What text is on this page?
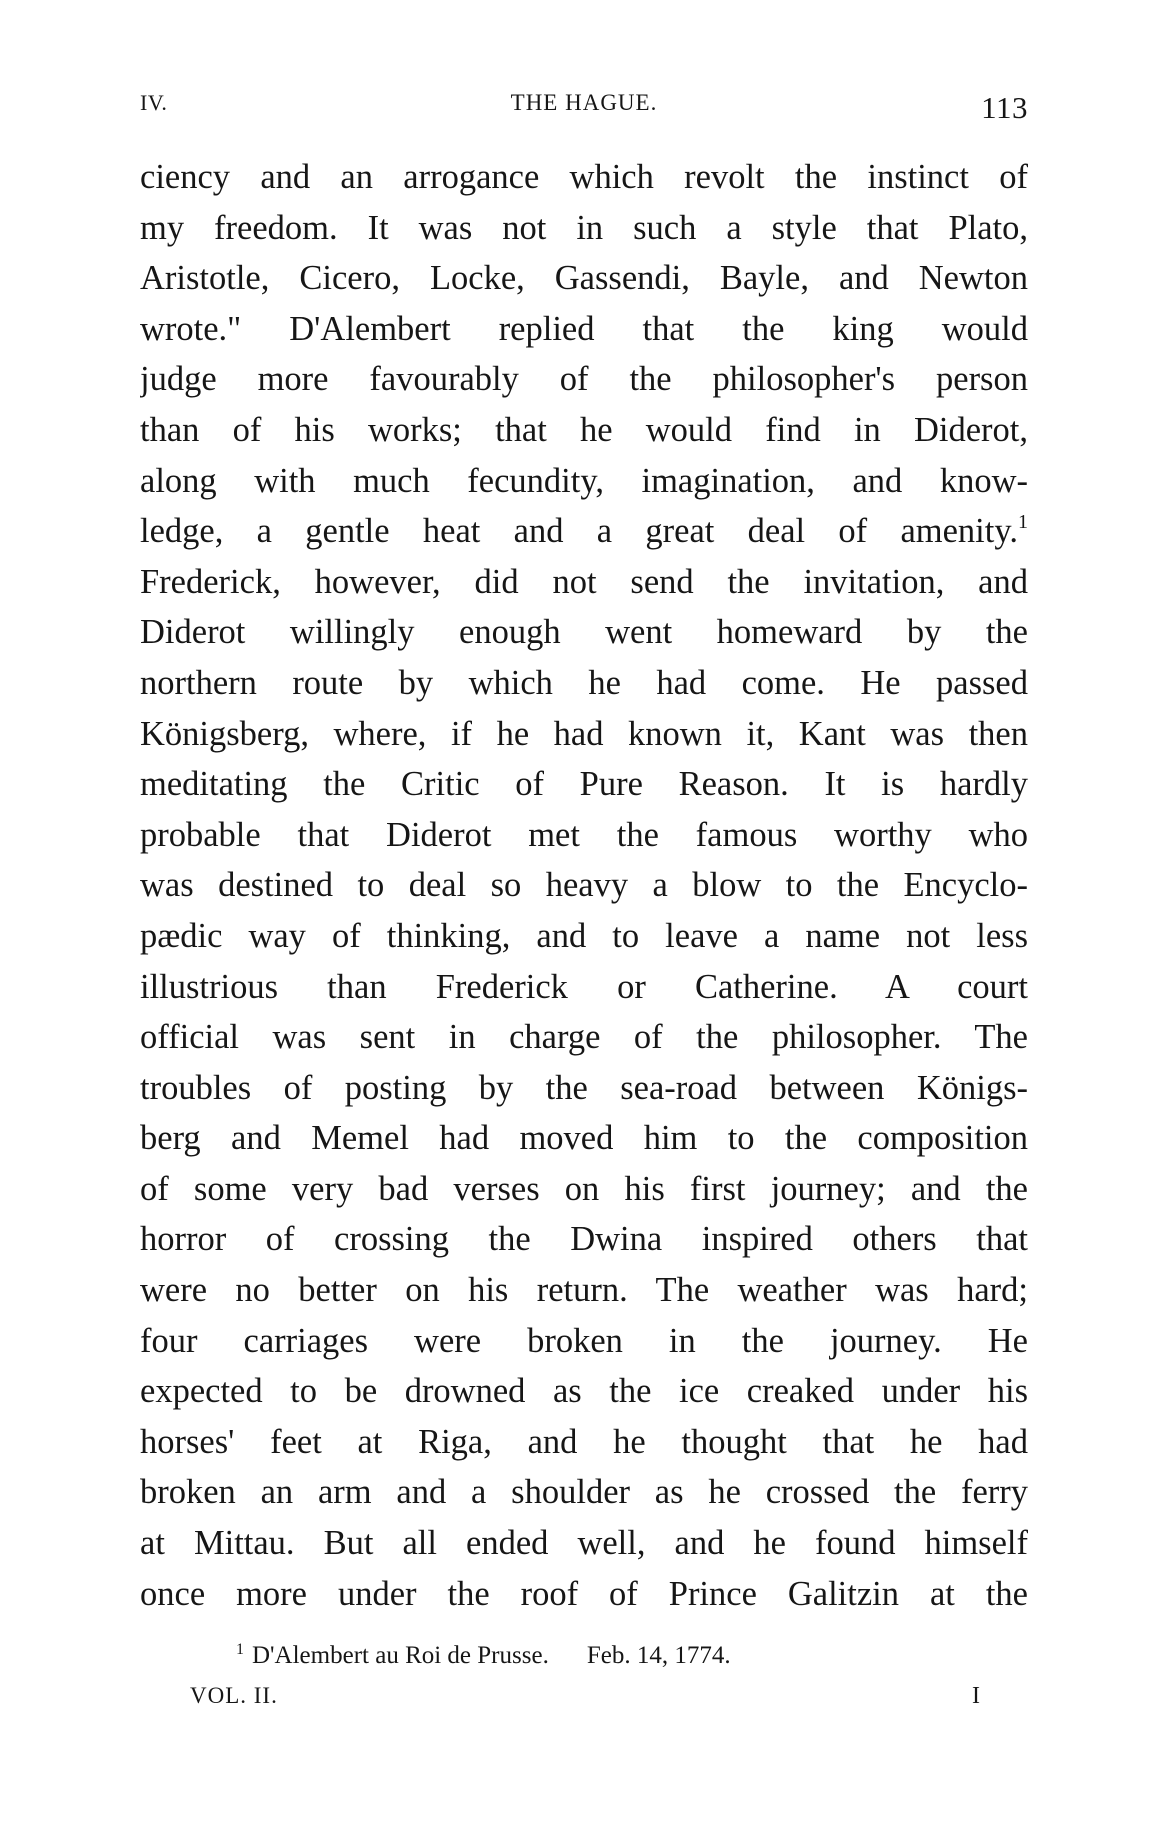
IV.	THE HAGUE.	113
ciency and an arrogance which revolt the instinct of
my freedom. It was not in such a style that Plato,
Aristotle, Cicero, Locke, Gassendi, Bayle, and Newton
wrote." D'Alembert replied that the king would
judge more favourably of the philosopher's person
than of his works; that he would find in Diderot,
along with much fecundity, imagination, and know-
ledge, a gentle heat and a great deal of amenity.$^1$
Frederick, however, did not send the invitation, and
Diderot willingly enough went homeward by the
northern route by which he had come. He passed
Königsberg, where, if he had known it, Kant was then
meditating the Critic of Pure Reason. It is hardly
probable that Diderot met the famous worthy who
was destined to deal so heavy a blow to the Encyclo-
pædic way of thinking, and to leave a name not less
illustrious than Frederick or Catherine. A court
official was sent in charge of the philosopher. The
troubles of posting by the sea-road between Königs-
berg and Memel had moved him to the composition
of some very bad verses on his first journey; and the
horror of crossing the Dwina inspired others that
were no better on his return. The weather was hard;
four carriages were broken in the journey. He
expected to be drowned as the ice creaked under his
horses' feet at Riga, and he thought that he had
broken an arm and a shoulder as he crossed the ferry
at Mittau. But all ended well, and he found himself
once more under the roof of Prince Galitzin at the
$^1$ D'Alembert au Roi de Prusse. Feb. 14, 1774.
VOL. II.	I
